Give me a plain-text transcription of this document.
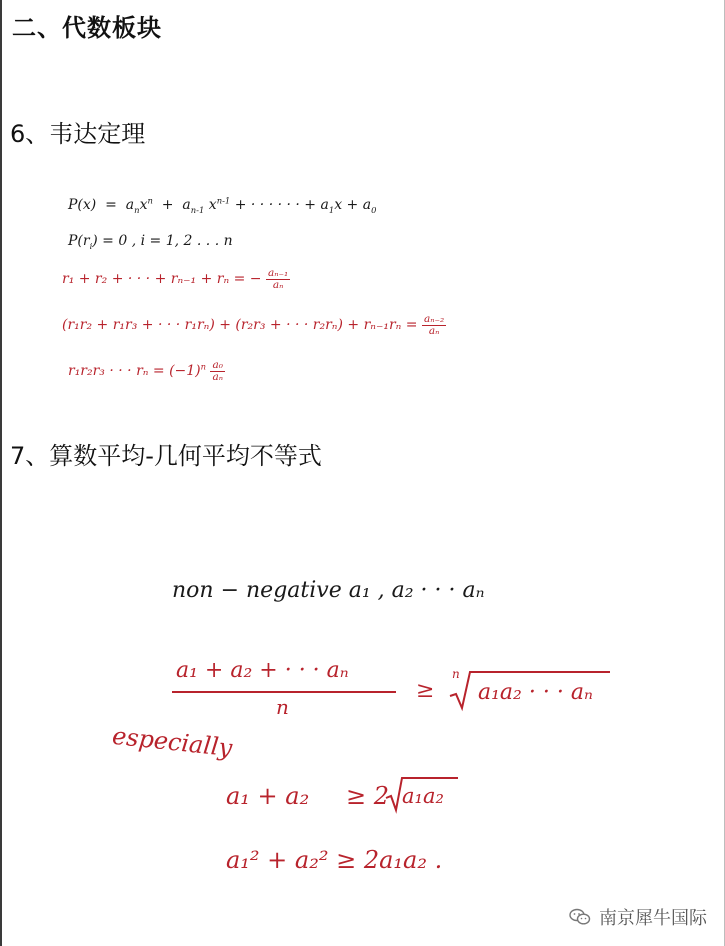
二、代数板块
6、韦达定理
$P(x) = a_nx^n + a_{n-1}$ $x^{n-1}$ + · · · · · · + $a_1x + a_0$
$P(r_i) = 0$ , i = 1, 2 . . . n
r₁ + r₂ + · · · + rₙ₋₁ + rₙ = − $\frac{\text{aₙ₋₁}}{\text{aₙ}}$
(r₁r₂ + r₁r₃ + · · · r₁rₙ) + (r₂r₃ + · · · $r_2r_n) + r_{n-1}r_n = \frac{\text{aₙ₋₂}}{\text{aₙ}}$
r₁r₂r₃ · · · $r_n = (-1)^n \frac{\text{a₀}}{\text{aₙ}}$
7、算数平均-几何平均不等式
non − negative a₁ , a₂ · · · aₙ
a₁ + a₂ + · · · aₙ
n
≥
n
a₁a₂ · · · aₙ
especially
a₁ + a₂ ≥ 2 a₁a₂
a₁² + a₂² ≥ 2a₁a₂ .
南京犀牛国际
